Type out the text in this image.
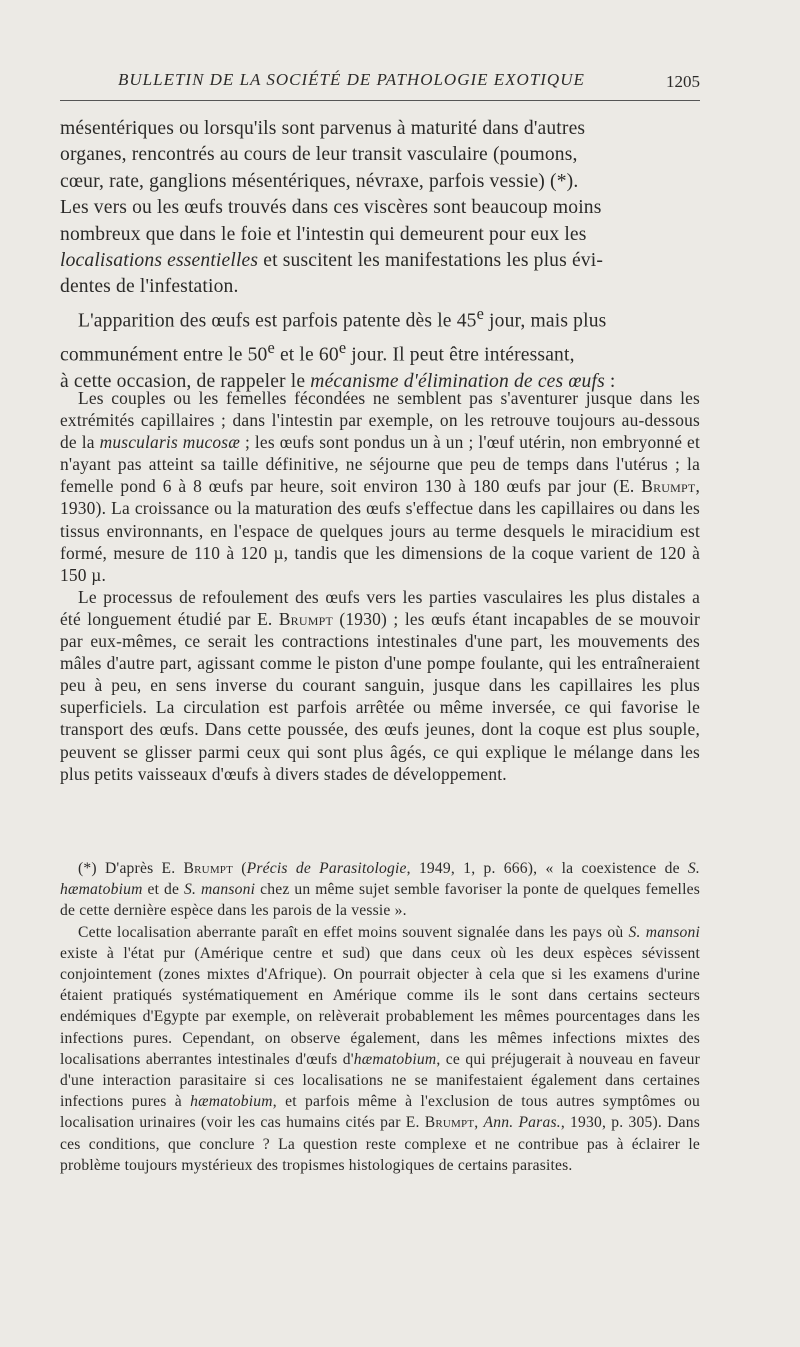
BULLETIN DE LA SOCIÉTÉ DE PATHOLOGIE EXOTIQUE	1205

mésentériques ou lorsqu'ils sont parvenus à maturité dans d'autres
organes, rencontrés au cours de leur transit vasculaire (poumons,
cœur, rate, ganglions mésentériques, névraxe, parfois vessie) (*).
Les vers ou les œufs trouvés dans ces viscères sont beaucoup moins
nombreux que dans le foie et l'intestin qui demeurent pour eux les
localisations essentielles et suscitent les manifestations les plus évi-
dentes de l'infestation.

L'apparition des œufs est parfois patente dès le 45e jour, mais plus
communément entre le 50e et le 60e jour. Il peut être intéressant,
à cette occasion, de rappeler le mécanisme d'élimination de ces œufs :

Les couples ou les femelles fécondées ne semblent pas s'aventurer jusque dans les extrémités capillaires ; dans l'intestin par exemple, on les retrouve toujours au-dessous de la muscularis mucosæ ; les œufs sont pondus un à un ; l'œuf utérin, non embryonné et n'ayant pas atteint sa taille définitive, ne séjourne que peu de temps dans l'utérus ; la femelle pond 6 à 8 œufs par heure, soit environ 130 à 180 œufs par jour (E. Brumpt, 1930). La croissance ou la maturation des œufs s'effectue dans les capillaires ou dans les tissus environnants, en l'espace de quelques jours au terme desquels le miracidium est formé, mesure de 110 à 120 µ, tandis que les dimensions de la coque varient de 120 à 150 µ.

Le processus de refoulement des œufs vers les parties vasculaires les plus distales a été longuement étudié par E. Brumpt (1930) ; les œufs étant incapables de se mouvoir par eux-mêmes, ce serait les contractions intestinales d'une part, les mouvements des mâles d'autre part, agissant comme le piston d'une pompe foulante, qui les entraîneraient peu à peu, en sens inverse du courant sanguin, jusque dans les capillaires les plus superficiels. La circulation est parfois arrêtée ou même inversée, ce qui favorise le transport des œufs. Dans cette poussée, des œufs jeunes, dont la coque est plus souple, peuvent se glisser parmi ceux qui sont plus âgés, ce qui explique le mélange dans les plus petits vaisseaux d'œufs à divers stades de développement.

(*) D'après E. Brumpt (Précis de Parasitologie, 1949, 1, p. 666), « la coexistence de S. hæmatobium et de S. mansoni chez un même sujet semble favoriser la ponte de quelques femelles de cette dernière espèce dans les parois de la vessie ».

Cette localisation aberrante paraît en effet moins souvent signalée dans les pays où S. mansoni existe à l'état pur (Amérique centre et sud) que dans ceux où les deux espèces sévissent conjointement (zones mixtes d'Afrique). On pourrait objecter à cela que si les examens d'urine étaient pratiqués systématiquement en Amérique comme ils le sont dans certains secteurs endémiques d'Egypte par exemple, on relèverait probablement les mêmes pourcentages dans les infections pures. Cependant, on observe également, dans les mêmes infections mixtes des localisations aberrantes intestinales d'œufs d'hæmatobium, ce qui préjugerait à nouveau en faveur d'une interaction parasitaire si ces localisations ne se manifestaient également dans certaines infections pures à hæmatobium, et parfois même à l'exclusion de tous autres symptômes ou localisation urinaires (voir les cas humains cités par E. Brumpt, Ann. Paras., 1930, p. 305). Dans ces conditions, que conclure ? La question reste complexe et ne contribue pas à éclairer le problème toujours mystérieux des tropismes histologiques de certains parasites.
